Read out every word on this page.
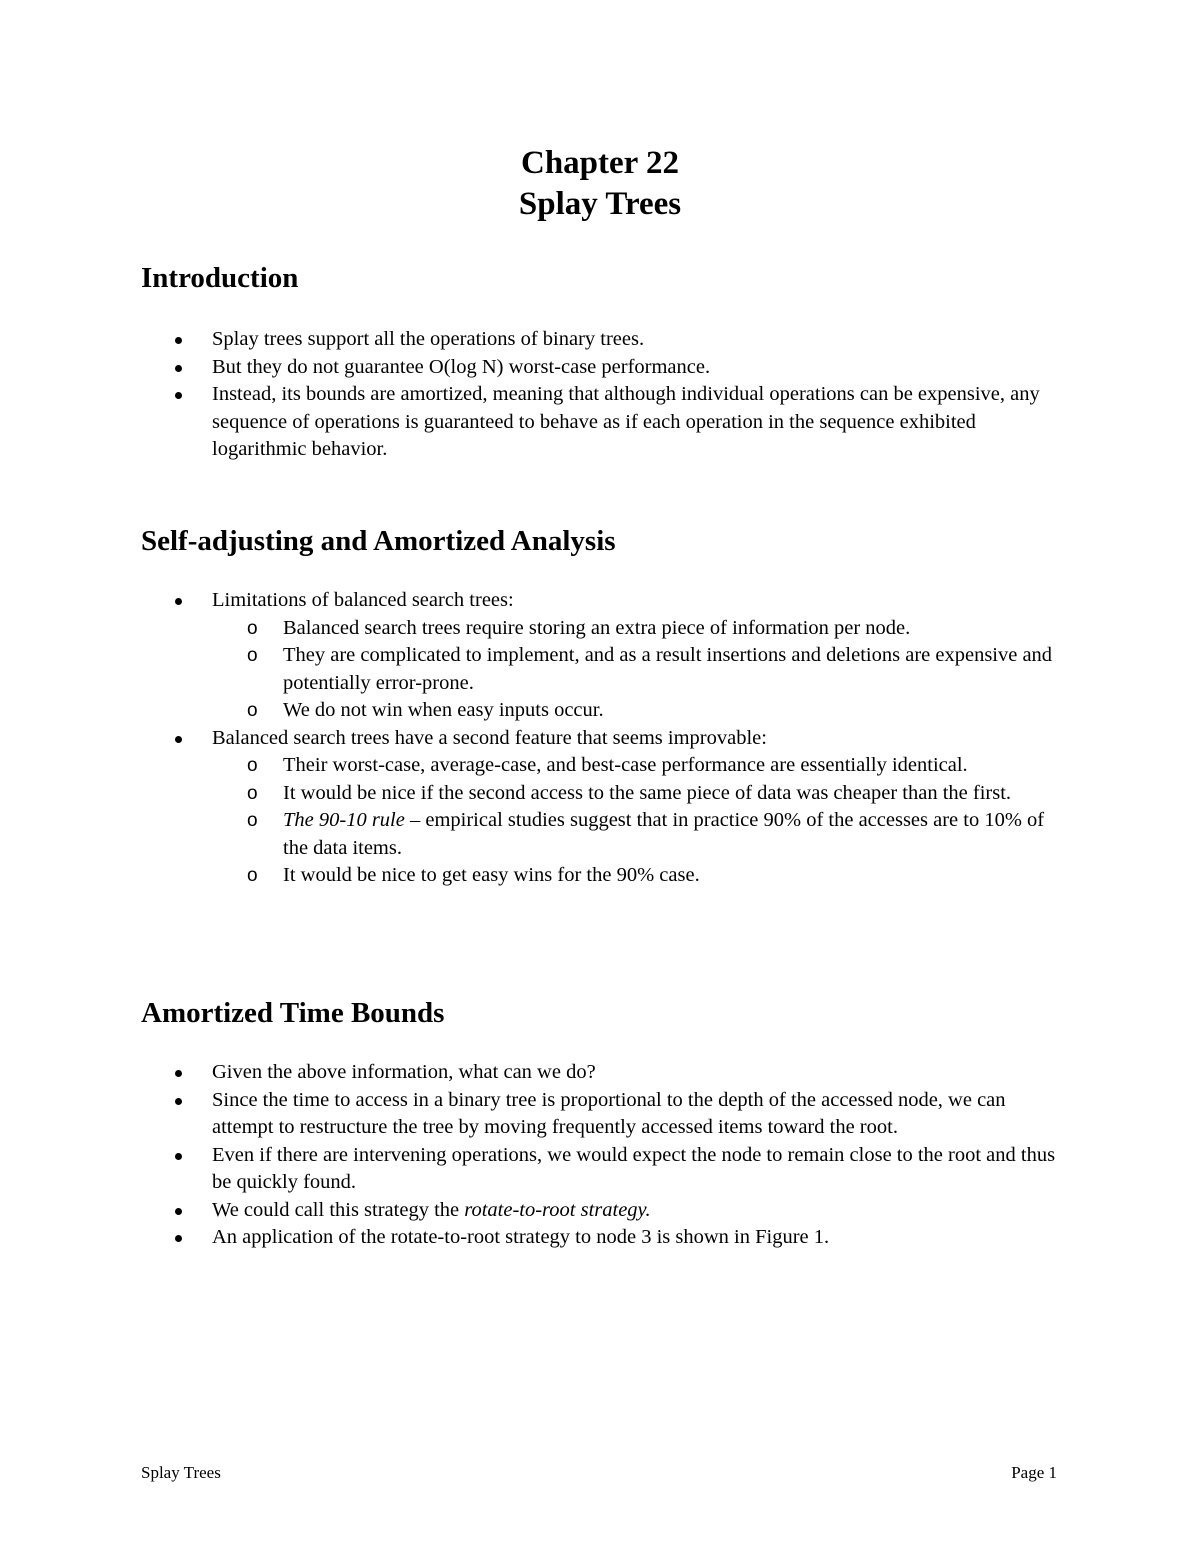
Chapter 22
Splay Trees
Introduction
Splay trees support all the operations of binary trees.
But they do not guarantee O(log N) worst-case performance.
Instead, its bounds are amortized, meaning that although individual operations can be expensive, any sequence of operations is guaranteed to behave as if each operation in the sequence exhibited logarithmic behavior.
Self-adjusting and Amortized Analysis
Limitations of balanced search trees:
o Balanced search trees require storing an extra piece of information per node.
o They are complicated to implement, and as a result insertions and deletions are expensive and potentially error-prone.
o We do not win when easy inputs occur.
Balanced search trees have a second feature that seems improvable:
o Their worst-case, average-case, and best-case performance are essentially identical.
o It would be nice if the second access to the same piece of data was cheaper than the first.
o The 90-10 rule – empirical studies suggest that in practice 90% of the accesses are to 10% of the data items.
o It would be nice to get easy wins for the 90% case.
Amortized Time Bounds
Given the above information, what can we do?
Since the time to access in a binary tree is proportional to the depth of the accessed node, we can attempt to restructure the tree by moving frequently accessed items toward the root.
Even if there are intervening operations, we would expect the node to remain close to the root and thus be quickly found.
We could call this strategy the rotate-to-root strategy.
An application of the rotate-to-root strategy to node 3 is shown in Figure 1.
Splay Trees	Page 1
